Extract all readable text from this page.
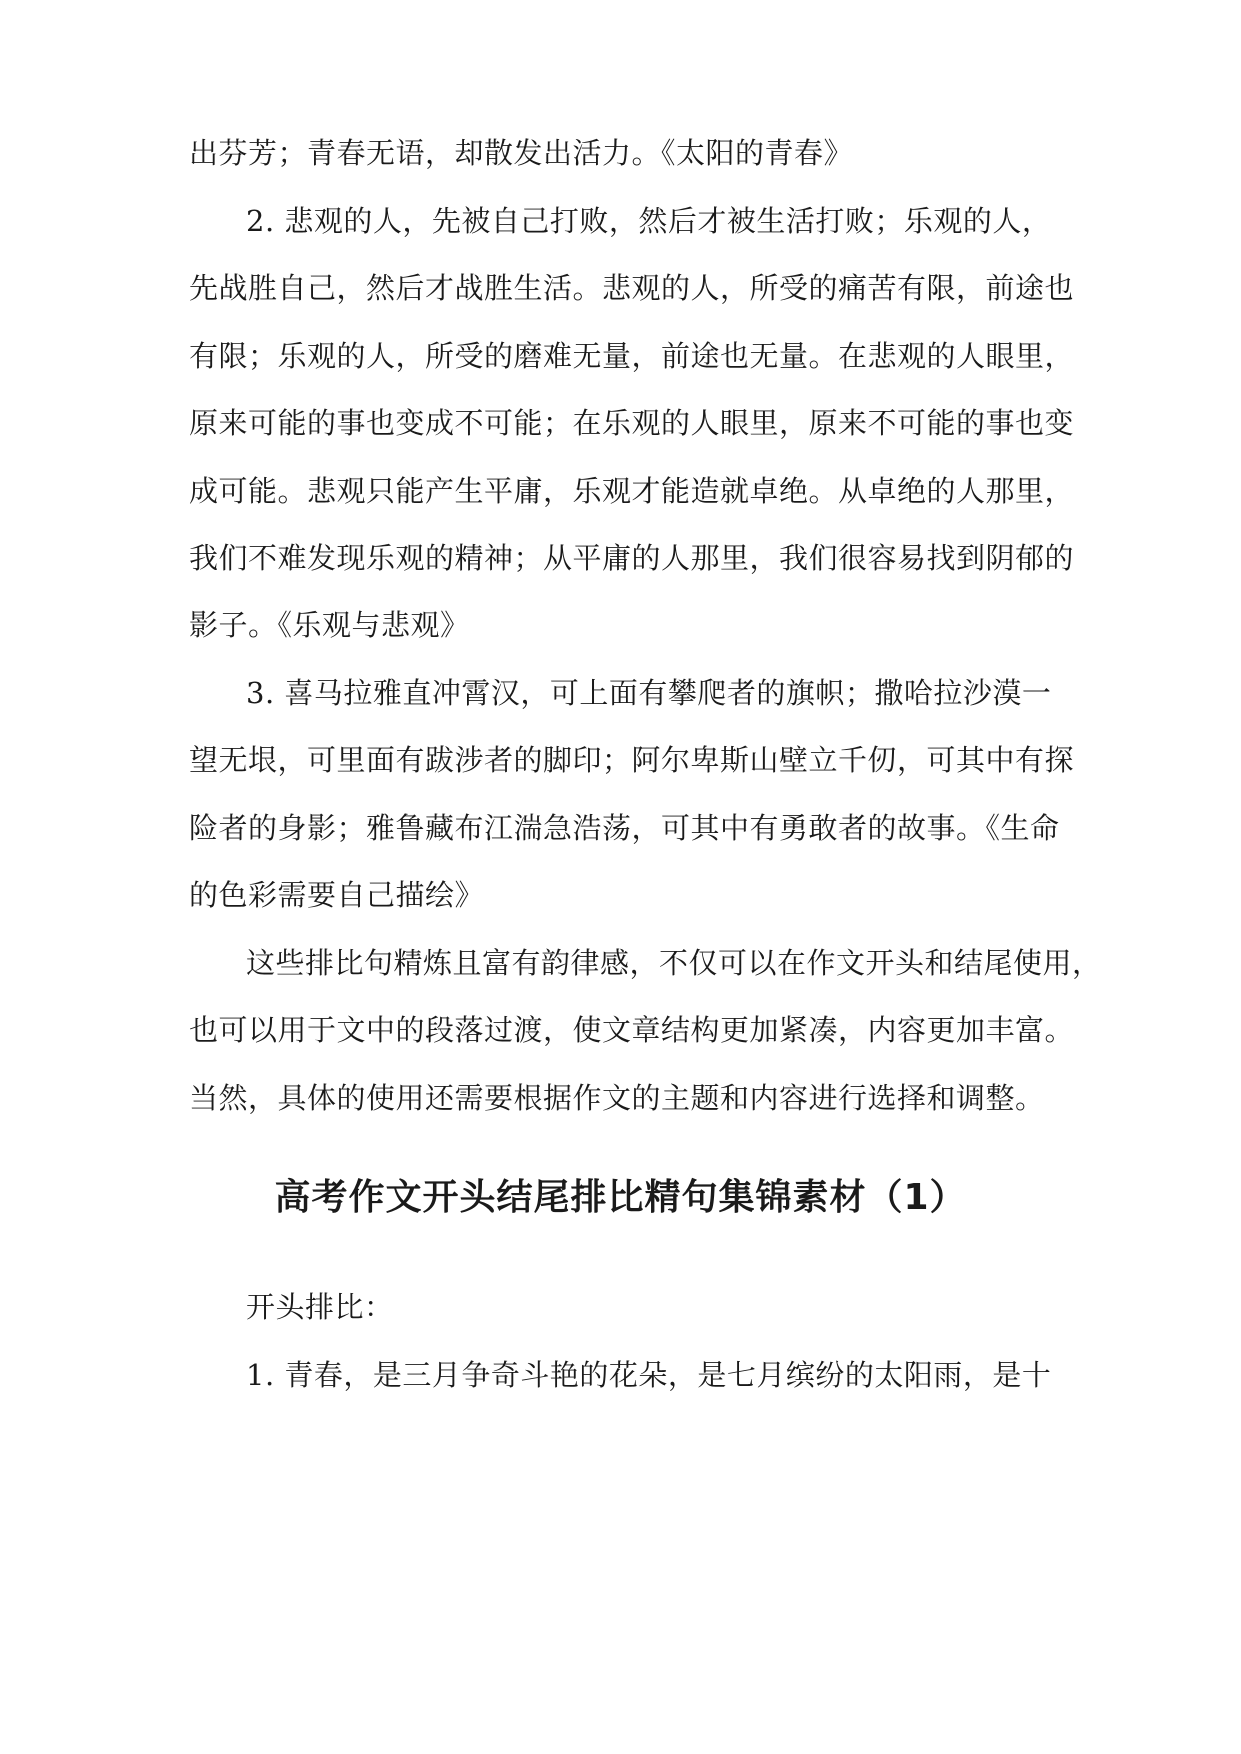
出芬芳；青春无语，却散发出活力。《太阳的青春》
2. 悲观的人，先被自己打败，然后才被生活打败；乐观的人，
先战胜自己，然后才战胜生活。悲观的人，所受的痛苦有限，前途也
有限；乐观的人，所受的磨难无量，前途也无量。在悲观的人眼里，
原来可能的事也变成不可能；在乐观的人眼里，原来不可能的事也变
成可能。悲观只能产生平庸，乐观才能造就卓绝。从卓绝的人那里，
我们不难发现乐观的精神；从平庸的人那里，我们很容易找到阴郁的
影子。《乐观与悲观》
3. 喜马拉雅直冲霄汉，可上面有攀爬者的旗帜；撒哈拉沙漠一
望无垠，可里面有跋涉者的脚印；阿尔卑斯山壁立千仞，可其中有探
险者的身影；雅鲁藏布江湍急浩荡，可其中有勇敢者的故事。《生命
的色彩需要自己描绘》
这些排比句精炼且富有韵律感，不仅可以在作文开头和结尾使用，
也可以用于文中的段落过渡，使文章结构更加紧凑，内容更加丰富。
当然，具体的使用还需要根据作文的主题和内容进行选择和调整。
高考作文开头结尾排比精句集锦素材（1）
开头排比：
1. 青春，是三月争奇斗艳的花朵，是七月缤纷的太阳雨，是十
